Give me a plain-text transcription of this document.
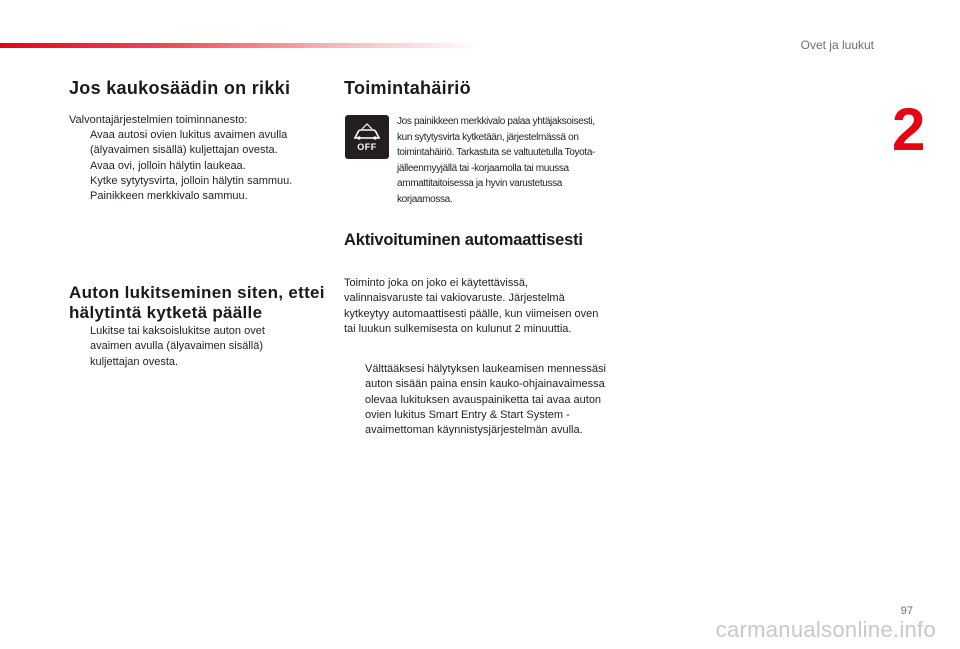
Ovet ja luukut
2
Jos kaukosäädin on rikki

Valvontajärjestelmien toiminnanesto:

Avaa autosi ovien lukitus avaimen avulla (älyavaimen sisällä) kuljettajan ovesta.
Avaa ovi, jolloin hälytin laukeaa.
Kytke sytytysvirta, jolloin hälytin sammuu. Painikkeen merkkivalo sammuu.
Auton lukitseminen siten, ettei hälytintä kytketä päälle
Lukitse tai kaksoislukitse auton ovet avaimen avulla (älyavaimen sisällä) kuljettajan ovesta.
Toimintahäiriö
OFF

Jos painikkeen merkkivalo palaa yhtäjaksoisesti, kun sytytysvirta kytketään, järjestelmässä on toimintahäiriö. Tarkastuta se valtuutetulla Toyota-jälleenmyyjällä tai -korjaamolla tai muussa ammattitaitoisessa ja hyvin varustetussa korjaamossa.

Aktivoituminen automaattisesti

Toiminto joka on joko ei käytettävissä, valinnaisvaruste tai vakiovaruste. Järjestelmä kytkeytyy automaattisesti päälle, kun viimeisen oven tai luukun sulkemisesta on kulunut 2 minuuttia.

Välttääksesi hälytyksen laukeamisen mennessäsi auton sisään paina ensin kauko-ohjainavaimessa olevaa lukituksen avauspainiketta tai avaa auton ovien lukitus Smart Entry & Start System -avaimettoman käynnistysjärjestelmän avulla.
97
carmanualsonline.info
